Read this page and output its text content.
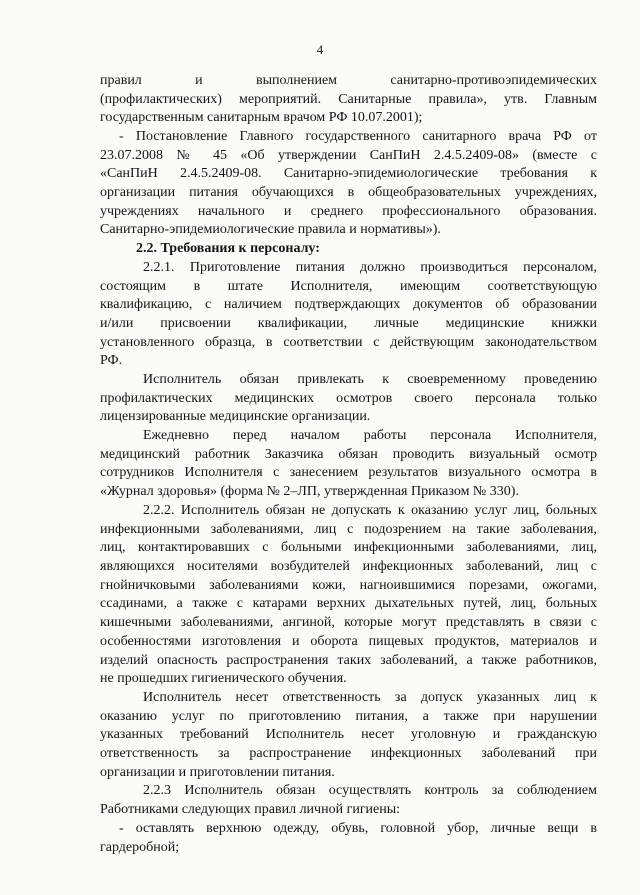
4
правил и выполнением санитарно-противоэпидемических
(профилактических) мероприятий. Санитарные правила», утв. Главным
государственным санитарным врачом РФ 10.07.2001);
- Постановление Главного государственного санитарного врача РФ от
23.07.2008 № 45 «Об утверждении СанПиН 2.4.5.2409-08» (вместе с
«СанПиН 2.4.5.2409-08. Санитарно-эпидемиологические требования к
организации питания обучающихся в общеобразовательных учреждениях,
учреждениях начального и среднего профессионального образования.
Санитарно-эпидемиологические правила и нормативы»).
2.2. Требования к персоналу:
2.2.1. Приготовление питания должно производиться персоналом,
состоящим в штате Исполнителя, имеющим соответствующую
квалификацию, с наличием подтверждающих документов об образовании
и/или присвоении квалификации, личные медицинские книжки
установленного образца, в соответствии с действующим законодательством
РФ.
Исполнитель обязан привлекать к своевременному проведению
профилактических медицинских осмотров своего персонала только
лицензированные медицинские организации.
Ежедневно перед началом работы персонала Исполнителя,
медицинский работник Заказчика обязан проводить визуальный осмотр
сотрудников Исполнителя с занесением результатов визуального осмотра в
«Журнал здоровья» (форма № 2–ЛП, утвержденная Приказом № 330).
2.2.2. Исполнитель обязан не допускать к оказанию услуг лиц, больных
инфекционными заболеваниями, лиц с подозрением на такие заболевания,
лиц, контактировавших с больными инфекционными заболеваниями, лиц,
являющихся носителями возбудителей инфекционных заболеваний, лиц с
гнойничковыми заболеваниями кожи, нагноившимися порезами, ожогами,
ссадинами, а также с катарами верхних дыхательных путей, лиц, больных
кишечными заболеваниями, ангиной, которые могут представлять в связи с
особенностями изготовления и оборота пищевых продуктов, материалов и
изделий опасность распространения таких заболеваний, а также работников,
не прошедших гигиенического обучения.
Исполнитель несет ответственность за допуск указанных лиц к
оказанию услуг по приготовлению питания, а также при нарушении
указанных требований Исполнитель несет уголовную и гражданскую
ответственность за распространение инфекционных заболеваний при
организации и приготовлении питания.
2.2.3 Исполнитель обязан осуществлять контроль за соблюдением
Работниками следующих правил личной гигиены:
- оставлять верхнюю одежду, обувь, головной убор, личные вещи в
гардеробной;
